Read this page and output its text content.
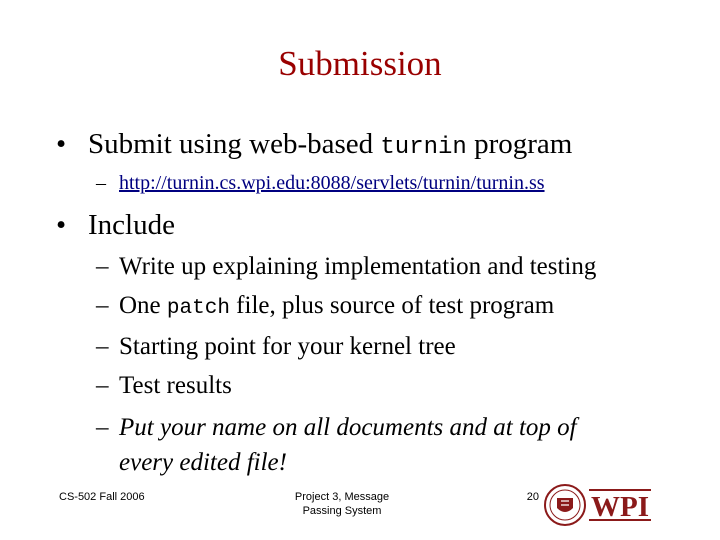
Submission
• Submit using web-based turnin program
– http://turnin.cs.wpi.edu:8088/servlets/turnin/turnin.ss
• Include
– Write up explaining implementation and testing
– One patch file, plus source of test program
– Starting point for your kernel tree
– Test results
– Put your name on all documents and at top of
every edited file!
CS-502 Fall 2006	Project 3, Message
Passing System
20 WPI
